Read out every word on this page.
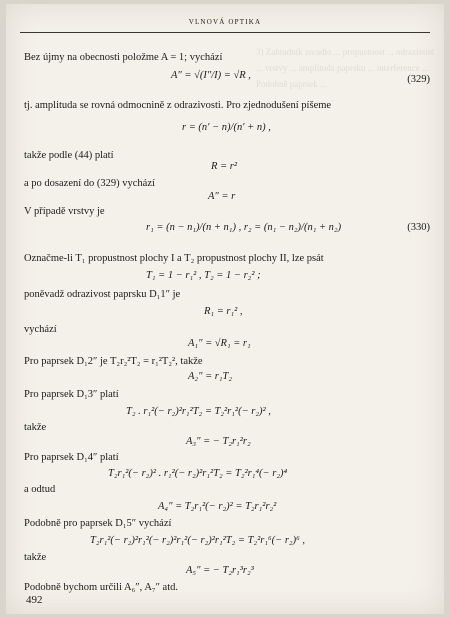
3) Zahradník zrcadlo ... propustnost ... odrazivost ... vrstvy ... amplituda paprsku ... interference ... Podobně paprsek ...
VLNOVÁ OPTIKA
Bez újmy na obecnosti položme A = 1; vychází
A″ = √(I″/I) = √R ,	(329)
tj. amplituda se rovná odmocnině z odrazivosti. Pro zjednodušení píšeme
r = (n′ − n)/(n′ + n) ,
takže podle (44) platí
R = r²
a po dosazení do (329) vychází
A″ = r
V případě vrstvy je
r₁ = (n − n₁)/(n + n₁) , r₂ = (n₁ − n₂)/(n₁ + n₂)	(330)
Označme-li T₁ propustnost plochy I a T₂ propustnost plochy II, lze psát
T₁ = 1 − r₁² , T₂ = 1 − r₂² ;
poněvadž odrazivost paprsku D₁1″ je
R₁ = r₁² ,
vychází
A₁″ = √R₁ = r₁
Pro paprsek D₁2″ je T₂r₂²T₂ = r₁²T₂², takže
A₂″ = r₁T₂
Pro paprsek D₁3″ platí
T₂ . r₁²(− r₂)²r₁²T₂ = T₂²r₁²(− r₂)² ,
takže
A₃″ = − T₂r₁²r₂
Pro paprsek D₁4″ platí
T₂r₁²(− r₂)² . r₁²(− r₂)²r₁²T₂ = T₂²r₁⁴(− r₂)⁴
a odtud
A₄″ = T₂r₁²(− r₂)² = T₂r₁²r₂²
Podobně pro paprsek D₁5″ vychází
T₂r₁²(− r₂)²r₁²(− r₂)²r₁²(− r₂)²r₁²T₂ = T₂²r₁⁶(− r₂)⁶ ,
takže
A₅″ = − T₂r₁³r₂³
Podobně bychom určili A₆″, A₇″ atd.
492
